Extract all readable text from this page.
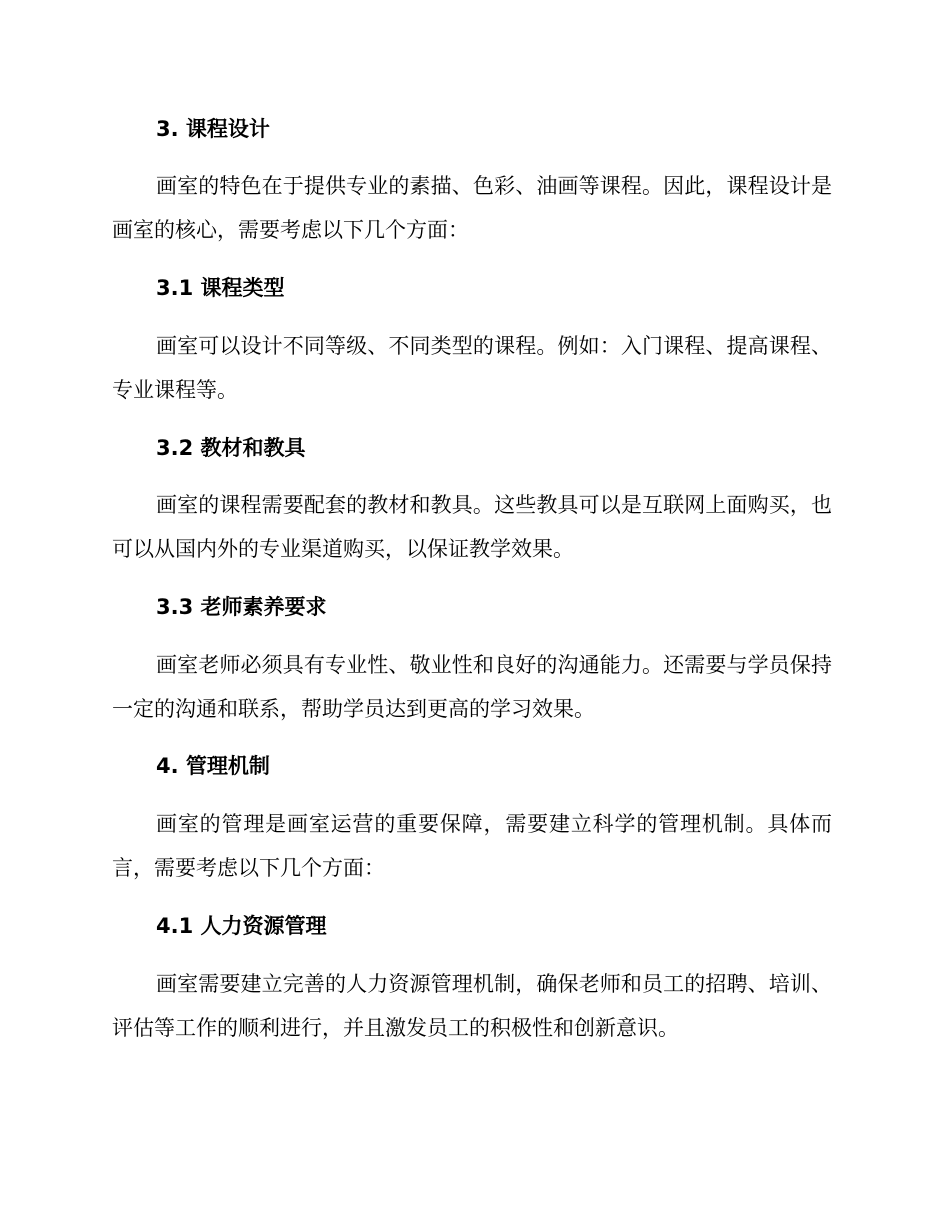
3. 课程设计
画室的特色在于提供专业的素描、色彩、油画等课程。因此，课程设计是画室的核心，需要考虑以下几个方面：
3.1 课程类型
画室可以设计不同等级、不同类型的课程。例如：入门课程、提高课程、专业课程等。
3.2 教材和教具
画室的课程需要配套的教材和教具。这些教具可以是互联网上面购买，也可以从国内外的专业渠道购买，以保证教学效果。
3.3 老师素养要求
画室老师必须具有专业性、敬业性和良好的沟通能力。还需要与学员保持一定的沟通和联系，帮助学员达到更高的学习效果。
4. 管理机制
画室的管理是画室运营的重要保障，需要建立科学的管理机制。具体而言，需要考虑以下几个方面：
4.1 人力资源管理
画室需要建立完善的人力资源管理机制，确保老师和员工的招聘、培训、评估等工作的顺利进行，并且激发员工的积极性和创新意识。
